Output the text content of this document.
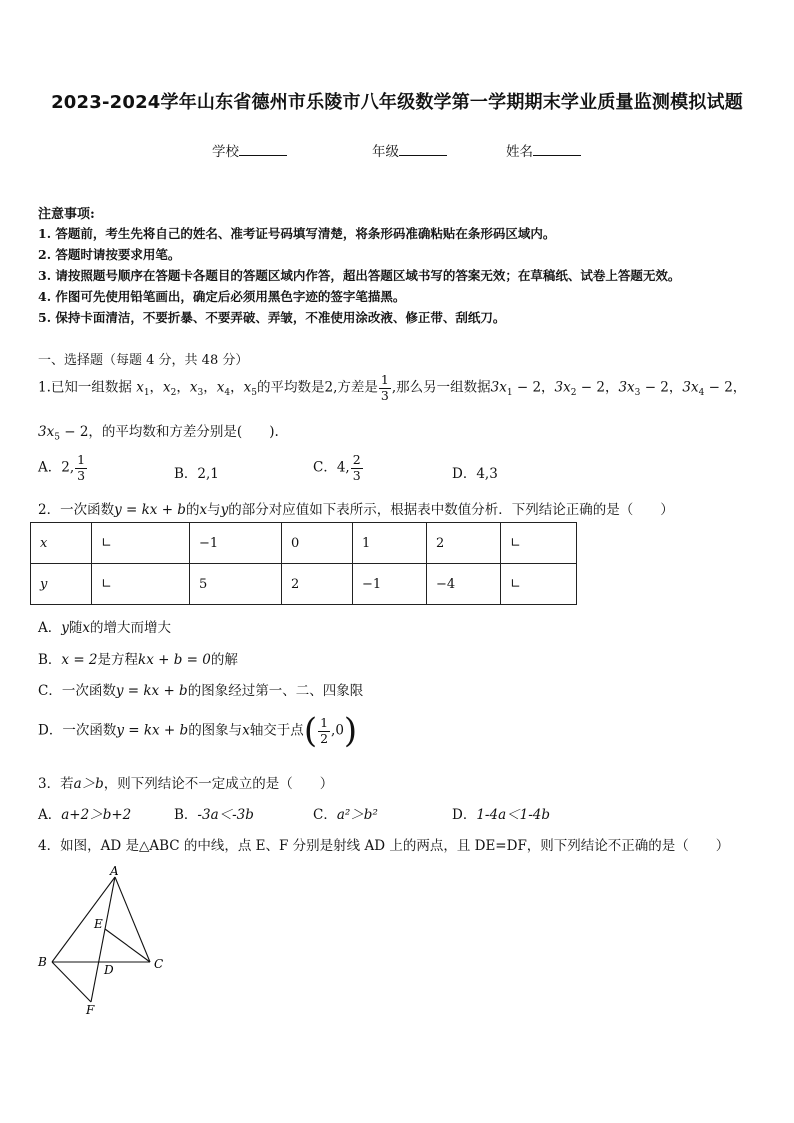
2023-2024学年山东省德州市乐陵市八年级数学第一学期期末学业质量监测模拟试题
学校	年级	姓名
注意事项:
1. 答题前，考生先将自己的姓名、准考证号码填写清楚，将条形码准确粘贴在条形码区域内。
2. 答题时请按要求用笔。
3. 请按照题号顺序在答题卡各题目的答题区域内作答，超出答题区域书写的答案无效；在草稿纸、试卷上答题无效。
4. 作图可先使用铅笔画出，确定后必须用黑色字迹的签字笔描黑。
5. 保持卡面清洁，不要折暴、不要弄破、弄皱，不准使用涂改液、修正带、刮纸刀。
一、选择题（每题 4 分，共 48 分）
1.已知一组数据 $x_1$，$x_2$，$x_3$，$x_4$，$x_5$的平均数是2,方差是 $\frac{1}{3}$ ,那么另一组数据$3x_1 - 2$，$3x_2 - 2$，$3x_3 - 2$，$3x_4 - 2$，
$3x_5 - 2$，的平均数和方差分别是(　　).
A．2, $\frac{1}{3}$	B．2,1	C．4, $\frac{2}{3}$	D．4,3
2．一次函数y = kx + b的x与y的部分对应值如下表所示，根据表中数值分析．下列结论正确的是（　　）
x	∟	−1	0	1	2	∟
y	∟	5	2	−1	−4	∟
A．y随x的增大而增大
B．x = 2是方程kx + b = 0的解
C．一次函数y = kx + b的图象经过第一、二、四象限
D．一次函数y = kx + b的图象与x轴交于点( $\frac{1}{2} ,0$)
3．若a＞b，则下列结论不一定成立的是（　　）
A．a+2＞b+2	B．-3a＜-3b	C．a²＞b²	D．1-4a＜1-4b
4．如图，AD 是△ABC 的中线，点 E、F 分别是射线 AD 上的两点，且 DE=DF，则下列结论不正确的是（　　）
A
B	C
D
E
F
